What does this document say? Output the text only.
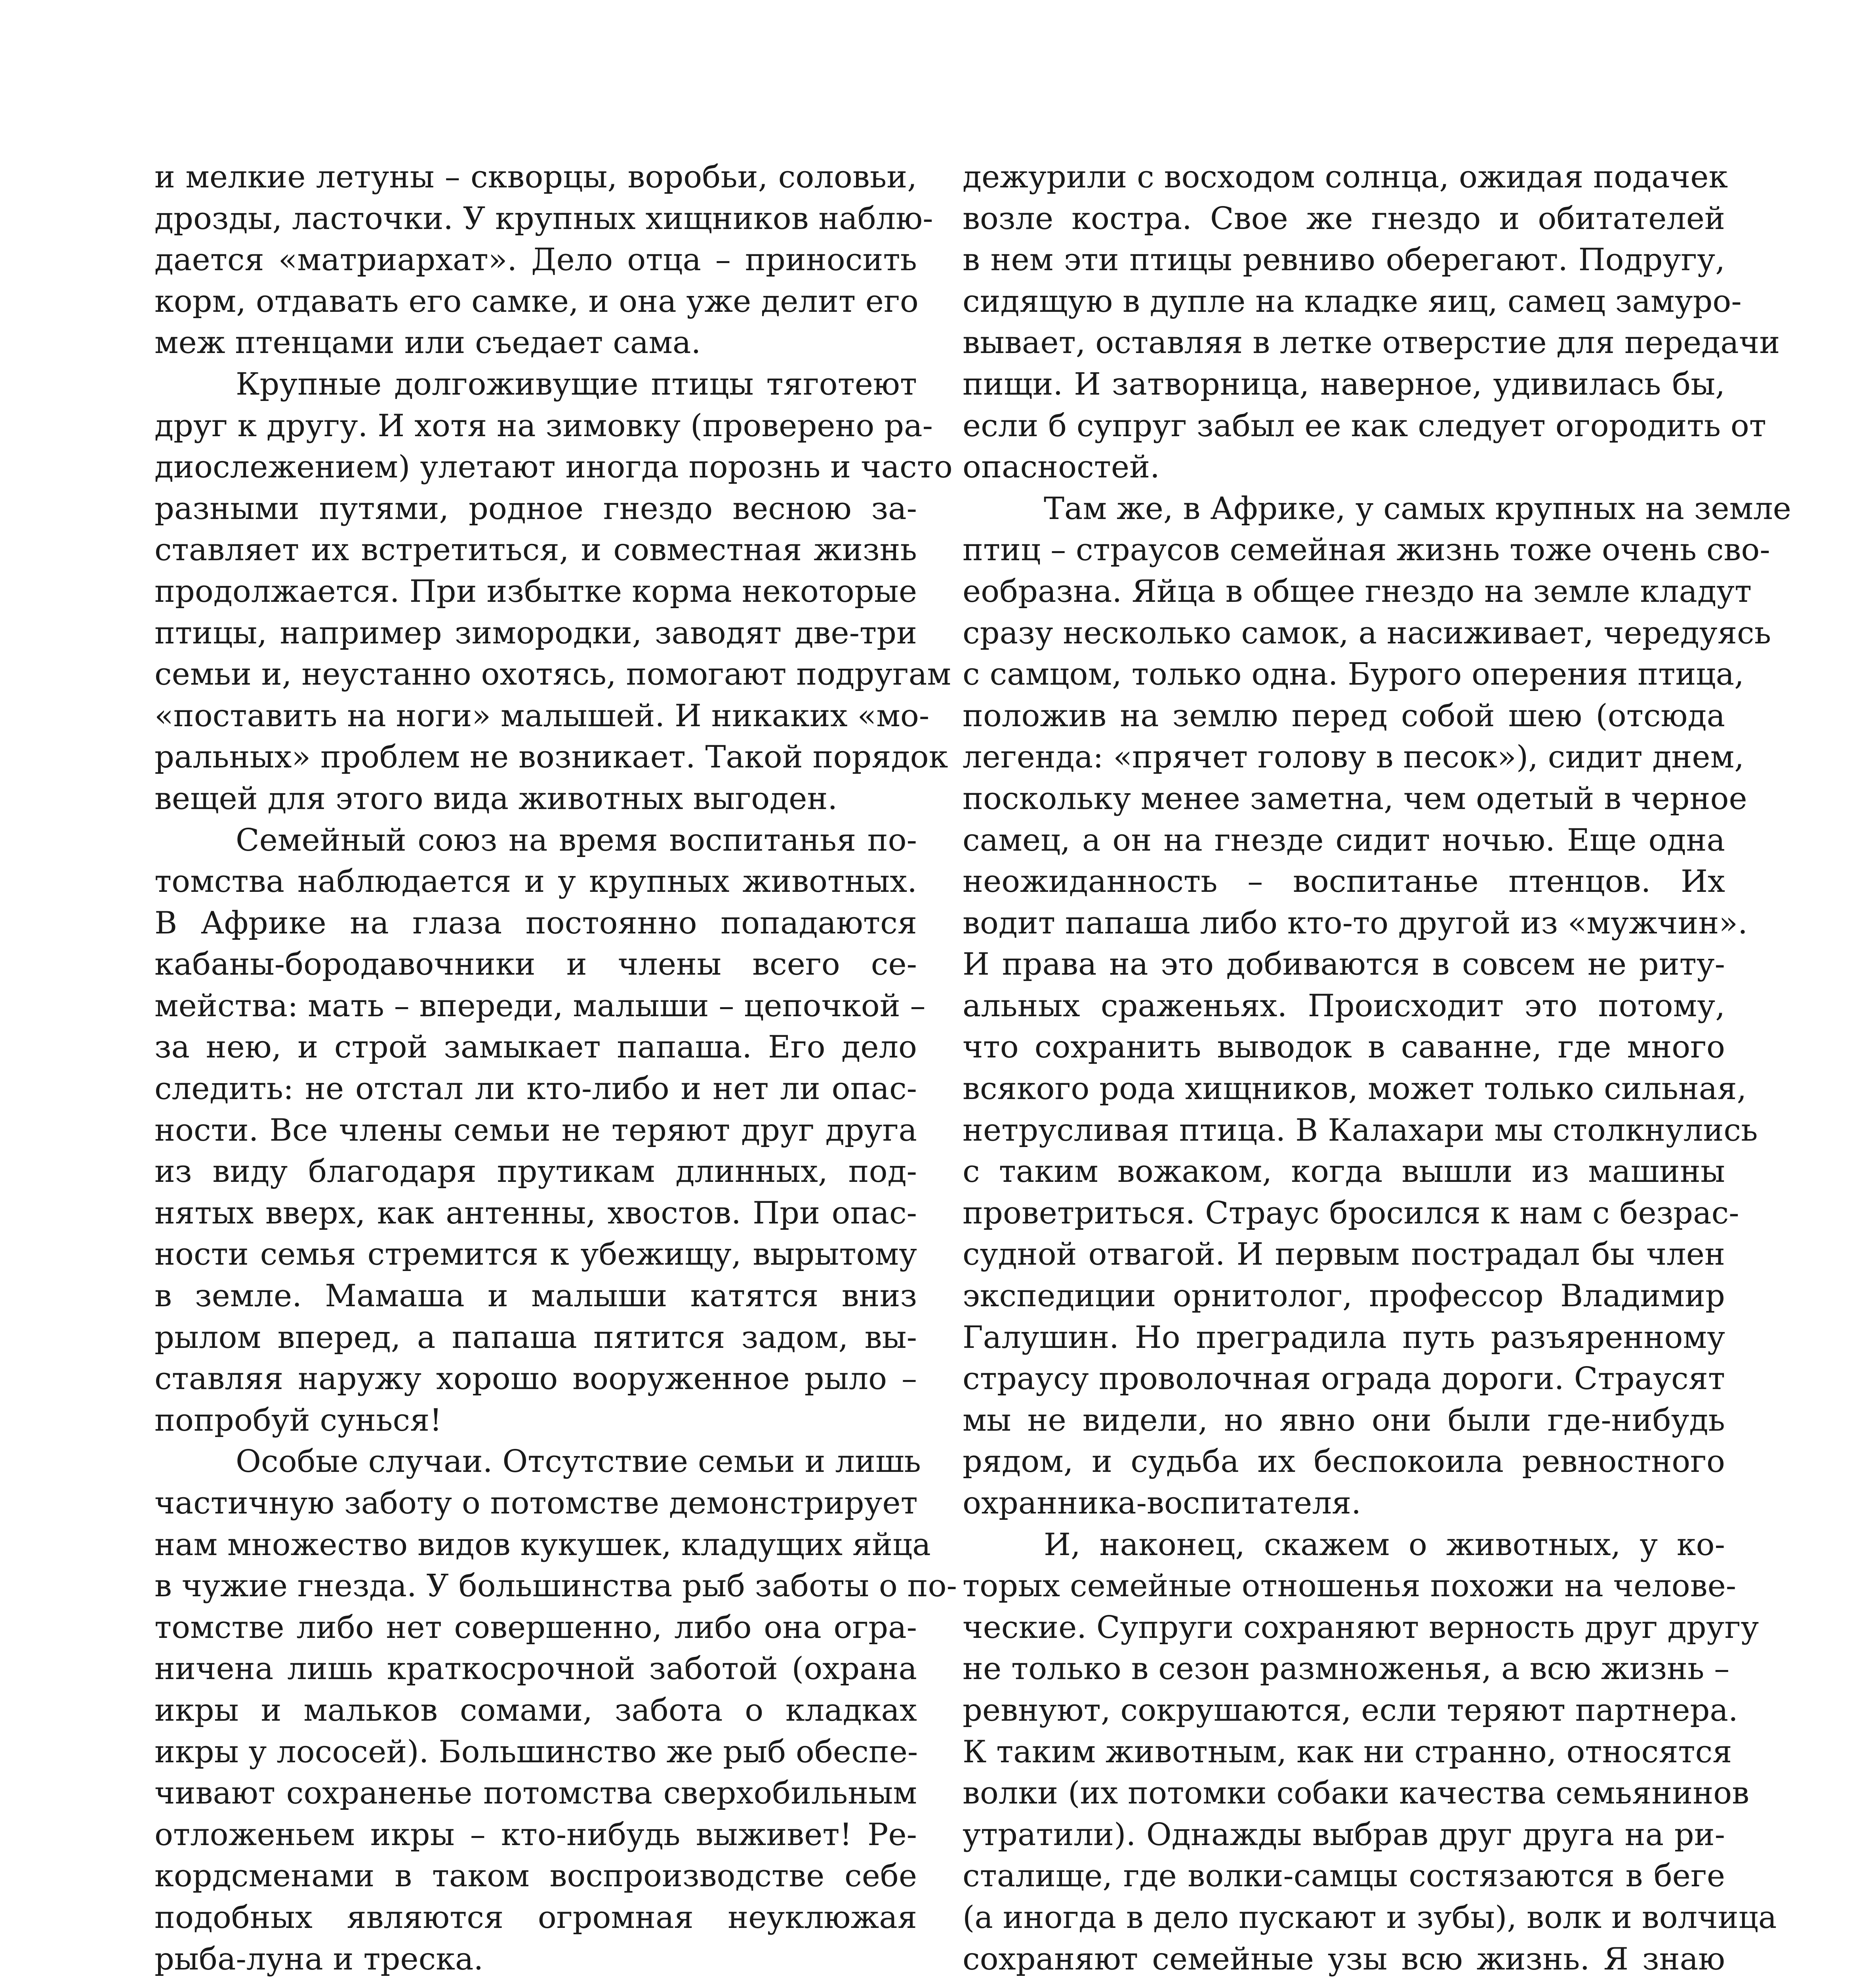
и мелкие летуны – скворцы, воробьи, соловьи,
дрозды, ласточки. У крупных хищников наблю-
дается «матриархат». Дело отца – приносить
корм, отдавать его самке, и она уже делит его
меж птенцами или съедает сама.
Крупные долгоживущие птицы тяготеют
друг к другу. И хотя на зимовку (проверено ра-
диослежением) улетают иногда порознь и часто
разными путями, родное гнездо весною за-
ставляет их встретиться, и совместная жизнь
продолжается. При избытке корма некоторые
птицы, например зимородки, заводят две-три
семьи и, неустанно охотясь, помогают подругам
«поставить на ноги» малышей. И никаких «мо-
ральных» проблем не возникает. Такой порядок
вещей для этого вида животных выгоден.
Семейный союз на время воспитанья по-
томства наблюдается и у крупных животных.
В Африке на глаза постоянно попадаются
кабаны-бородавочники и члены всего се-
мейства: мать – впереди, малыши – цепочкой –
за нею, и строй замыкает папаша. Его дело
следить: не отстал ли кто-либо и нет ли опас-
ности. Все члены семьи не теряют друг друга
из виду благодаря прутикам длинных, под-
нятых вверх, как антенны, хвостов. При опас-
ности семья стремится к убежищу, вырытому
в земле. Мамаша и малыши катятся вниз
рылом вперед, а папаша пятится задом, вы-
ставляя наружу хорошо вооруженное рыло –
попробуй сунься!
Особые случаи. Отсутствие семьи и лишь
частичную заботу о потомстве демонстрирует
нам множество видов кукушек, кладущих яйца
в чужие гнезда. У большинства рыб заботы о по-
томстве либо нет совершенно, либо она огра-
ничена лишь краткосрочной заботой (охрана
икры и мальков сомами, забота о кладках
икры у лососей). Большинство же рыб обеспе-
чивают сохраненье потомства сверхобильным
отложеньем икры – кто-нибудь выживет! Ре-
кордсменами в таком воспроизводстве себе
подобных являются огромная неуклюжая
рыба-луна и треска.
дежурили с восходом солнца, ожидая подачек
возле костра. Свое же гнездо и обитателей
в нем эти птицы ревниво оберегают. Подругу,
сидящую в дупле на кладке яиц, самец замуро-
вывает, оставляя в летке отверстие для передачи
пищи. И затворница, наверное, удивилась бы,
если б супруг забыл ее как следует огородить от
опасностей.
Там же, в Африке, у самых крупных на земле
птиц – страусов семейная жизнь тоже очень сво-
еобразна. Яйца в общее гнездо на земле кладут
сразу несколько самок, а насиживает, чередуясь
с самцом, только одна. Бурого оперения птица,
положив на землю перед собой шею (отсюда
легенда: «прячет голову в песок»), сидит днем,
поскольку менее заметна, чем одетый в черное
самец, а он на гнезде сидит ночью. Еще одна
неожиданность – воспитанье птенцов. Их
водит папаша либо кто-то другой из «мужчин».
И права на это добиваются в совсем не риту-
альных сраженьях. Происходит это потому,
что сохранить выводок в саванне, где много
всякого рода хищников, может только сильная,
нетрусливая птица. В Калахари мы столкнулись
с таким вожаком, когда вышли из машины
проветриться. Страус бросился к нам с безрас-
судной отвагой. И первым пострадал бы член
экспедиции орнитолог, профессор Владимир
Галушин. Но преградила путь разъяренному
страусу проволочная ограда дороги. Страусят
мы не видели, но явно они были где-нибудь
рядом, и судьба их беспокоила ревностного
охранника-воспитателя.
И, наконец, скажем о животных, у ко-
торых семейные отношенья похожи на челове-
ческие. Супруги сохраняют верность друг другу
не только в сезон размноженья, а всю жизнь –
ревнуют, сокрушаются, если теряют партнера.
К таким животным, как ни странно, относятся
волки (их потомки собаки качества семьянинов
утратили). Однажды выбрав друг друга на ри-
сталище, где волки-самцы состязаются в беге
(а иногда в дело пускают и зубы), волк и волчица
сохраняют семейные узы всю жизнь. Я знаю
